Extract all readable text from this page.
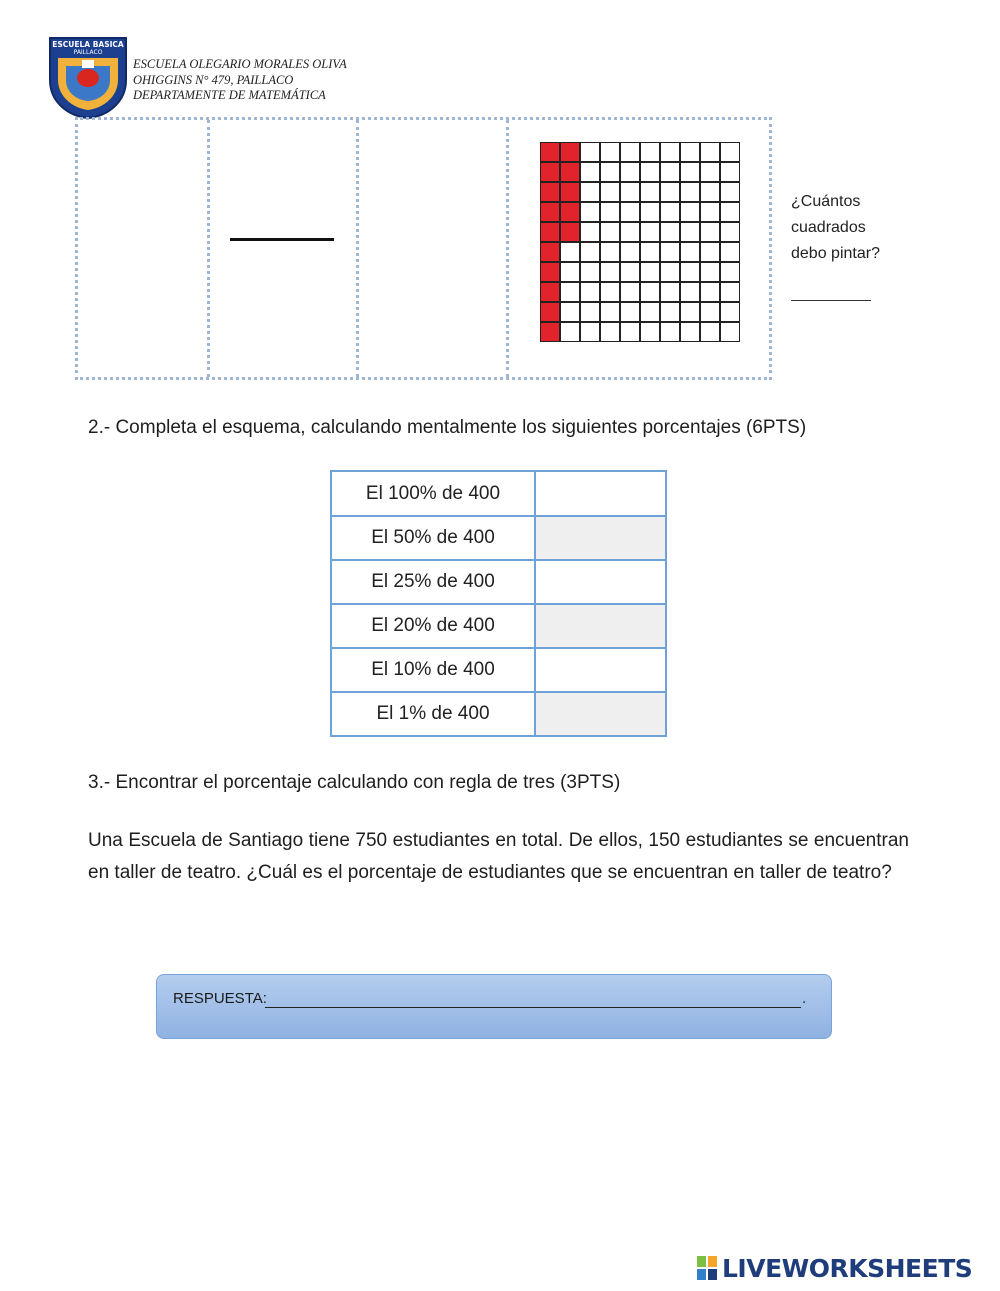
ESCUELA BASICA
PAILLACO
ESCUELA OLEGARIO MORALES OLIVA
OHIGGINS N° 479, PAILLACO
DEPARTAMENTE DE MATEMÁTICA
¿Cuántos
cuadrados
debo pintar?
2.- Completa el esquema, calculando mentalmente los siguientes porcentajes (6PTS)
El 100% de 400	
El 50% de 400	
El 25% de 400	
El 20% de 400	
El 10% de 400	
El 1% de 400	
3.- Encontrar el porcentaje calculando con regla de tres (3PTS)
Una Escuela de Santiago tiene 750 estudiantes en total. De ellos, 150 estudiantes se encuentran en taller de teatro. ¿Cuál es el porcentaje de estudiantes que se encuentran en taller de teatro?
RESPUESTA:	.
LIVEWORKSHEETS
